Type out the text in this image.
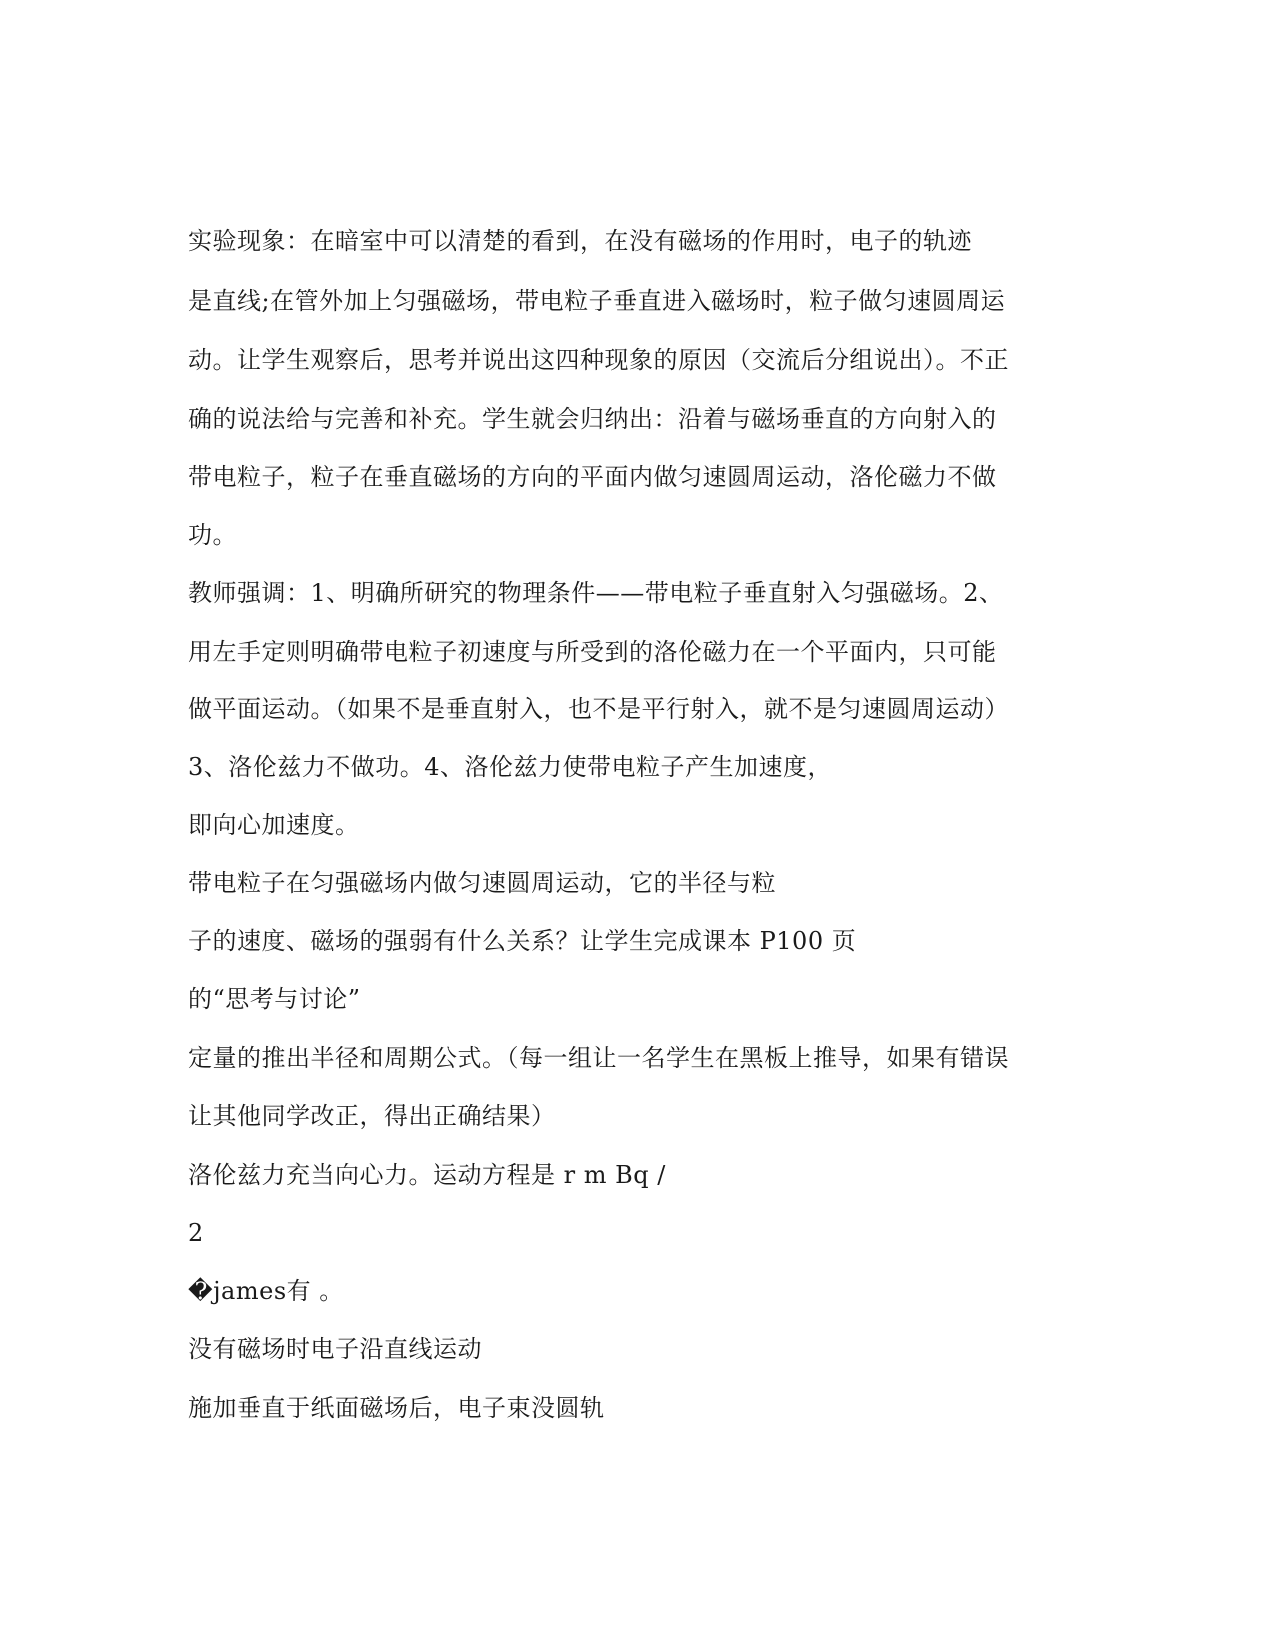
实验现象：在暗室中可以清楚的看到，在没有磁场的作用时，电子的轨迹
是直线;在管外加上匀强磁场，带电粒子垂直进入磁场时，粒子做匀速圆周运
动。让学生观察后，思考并说出这四种现象的原因（交流后分组说出）。不正
确的说法给与完善和补充。学生就会归纳出：沿着与磁场垂直的方向射入的
带电粒子，粒子在垂直磁场的方向的平面内做匀速圆周运动，洛伦磁力不做
功。
教师强调：1、明确所研究的物理条件——带电粒子垂直射入匀强磁场。2、
用左手定则明确带电粒子初速度与所受到的洛伦磁力在一个平面内，只可能
做平面运动。（如果不是垂直射入，也不是平行射入，就不是匀速圆周运动）
3、洛伦兹力不做功。4、洛伦兹力使带电粒子产生加速度，
即向心加速度。
带电粒子在匀强磁场内做匀速圆周运动，它的半径与粒
子的速度、磁场的强弱有什么关系？让学生完成课本 P100 页
的“思考与讨论”
定量的推出半径和周期公式。（每一组让一名学生在黑板上推导，如果有错误
让其他同学改正，得出正确结果）
洛伦兹力充当向心力。运动方程是 r m Bq /
2
�james有 。
没有磁场时电子沿直线运动
施加垂直于纸面磁场后，电子束没圆轨
